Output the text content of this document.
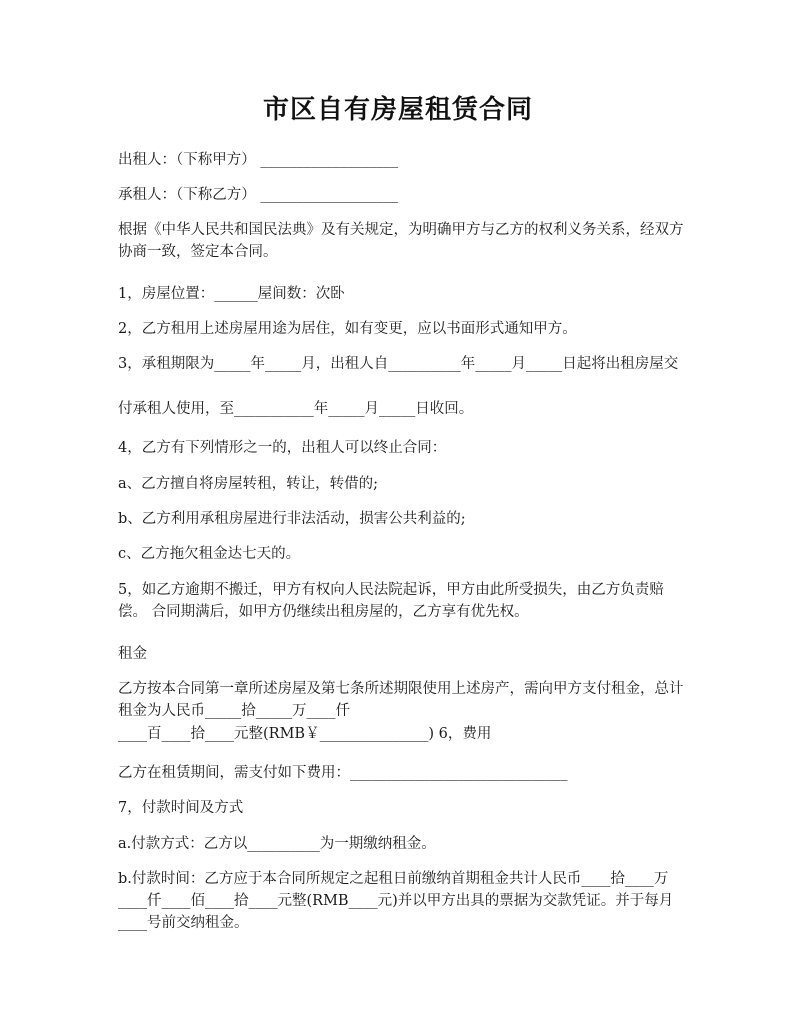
市区自有房屋租赁合同
出租人：（下称甲方） ___________________
承租人：（下称乙方） ___________________
根据《中华人民共和国民法典》及有关规定，为明确甲方与乙方的权利义务关系，经双方协商一致，签定本合同。
1，房屋位置：______屋间数：次卧
2，乙方租用上述房屋用途为居住，如有变更，应以书面形式通知甲方。
3，承租期限为_____年_____月，出租人自__________年_____月_____日起将出租房屋交
付承租人使用，至___________年_____月_____日收回。
4，乙方有下列情形之一的，出租人可以终止合同：
a、乙方擅自将房屋转租，转让，转借的;
b、乙方利用承租房屋进行非法活动，损害公共利益的;
c、乙方拖欠租金达七天的。
5，如乙方逾期不搬迁，甲方有权向人民法院起诉，甲方由此所受损失，由乙方负责赔偿。 合同期满后，如甲方仍继续出租房屋的，乙方享有优先权。
租金
乙方按本合同第一章所述房屋及第七条所述期限使用上述房产，需向甲方支付租金，总计租金为人民币_____拾_____万____仟
____百____拾____元整(RMB￥_______________) 6，费用
乙方在租赁期间，需支付如下费用：______________________________
7，付款时间及方式
a.付款方式：乙方以__________为一期缴纳租金。
b.付款时间：乙方应于本合同所规定之起租日前缴纳首期租金共计人民币____拾____万____仟____佰____拾____元整(RMB____元)并以甲方出具的票据为交款凭证。并于每月____号前交纳租金。
